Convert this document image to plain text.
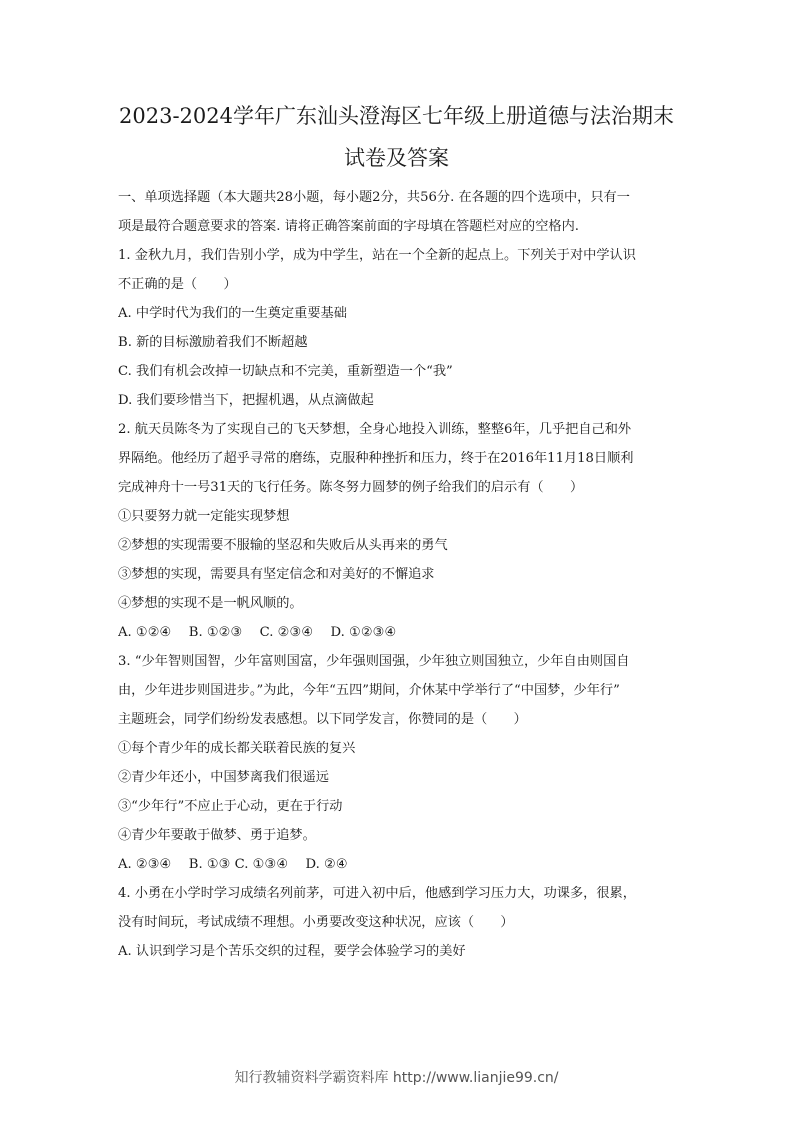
2023-2024学年广东汕头澄海区七年级上册道德与法治期末
试卷及答案
一、单项选择题（本大题共28小题，每小题2分，共56分. 在各题的四个选项中，只有一
项是最符合题意要求的答案. 请将正确答案前面的字母填在答题栏对应的空格内.
1. 金秋九月，我们告别小学，成为中学生，站在一个全新的起点上。下列关于对中学认识
不正确的是（　　）
A. 中学时代为我们的一生奠定重要基础
B. 新的目标激励着我们不断超越
C. 我们有机会改掉一切缺点和不完美，重新塑造一个“我”
D. 我们要珍惜当下，把握机遇，从点滴做起
2. 航天员陈冬为了实现自己的飞天梦想，全身心地投入训练，整整6年，几乎把自己和外
界隔绝。他经历了超乎寻常的磨练，克服种种挫折和压力，终于在2016年11月18日顺利
完成神舟十一号31天的飞行任务。陈冬努力圆梦的例子给我们的启示有（　　）
①只要努力就一定能实现梦想
②梦想的实现需要不服输的坚忍和失败后从头再来的勇气
③梦想的实现，需要具有坚定信念和对美好的不懈追求
④梦想的实现不是一帆风顺的。
A. ①②④　 B. ①②③　 C. ②③④　 D. ①②③④
3. “少年智则国智，少年富则国富，少年强则国强，少年独立则国独立，少年自由则国自
由，少年进步则国进步。”为此，今年“五四”期间，介休某中学举行了“中国梦，少年行”
主题班会，同学们纷纷发表感想。以下同学发言，你赞同的是（　　）
①每个青少年的成长都关联着民族的复兴
②青少年还小，中国梦离我们很遥远
③“少年行”不应止于心动，更在于行动
④青少年要敢于做梦、勇于追梦。
A. ②③④　 B. ①③ C. ①③④　 D. ②④
4. 小勇在小学时学习成绩名列前茅，可进入初中后，他感到学习压力大，功课多，很累，
没有时间玩，考试成绩不理想。小勇要改变这种状况，应该（　　）
A. 认识到学习是个苦乐交织的过程，要学会体验学习的美好
知行教辅资料学霸资料库 http://www.lianjie99.cn/
